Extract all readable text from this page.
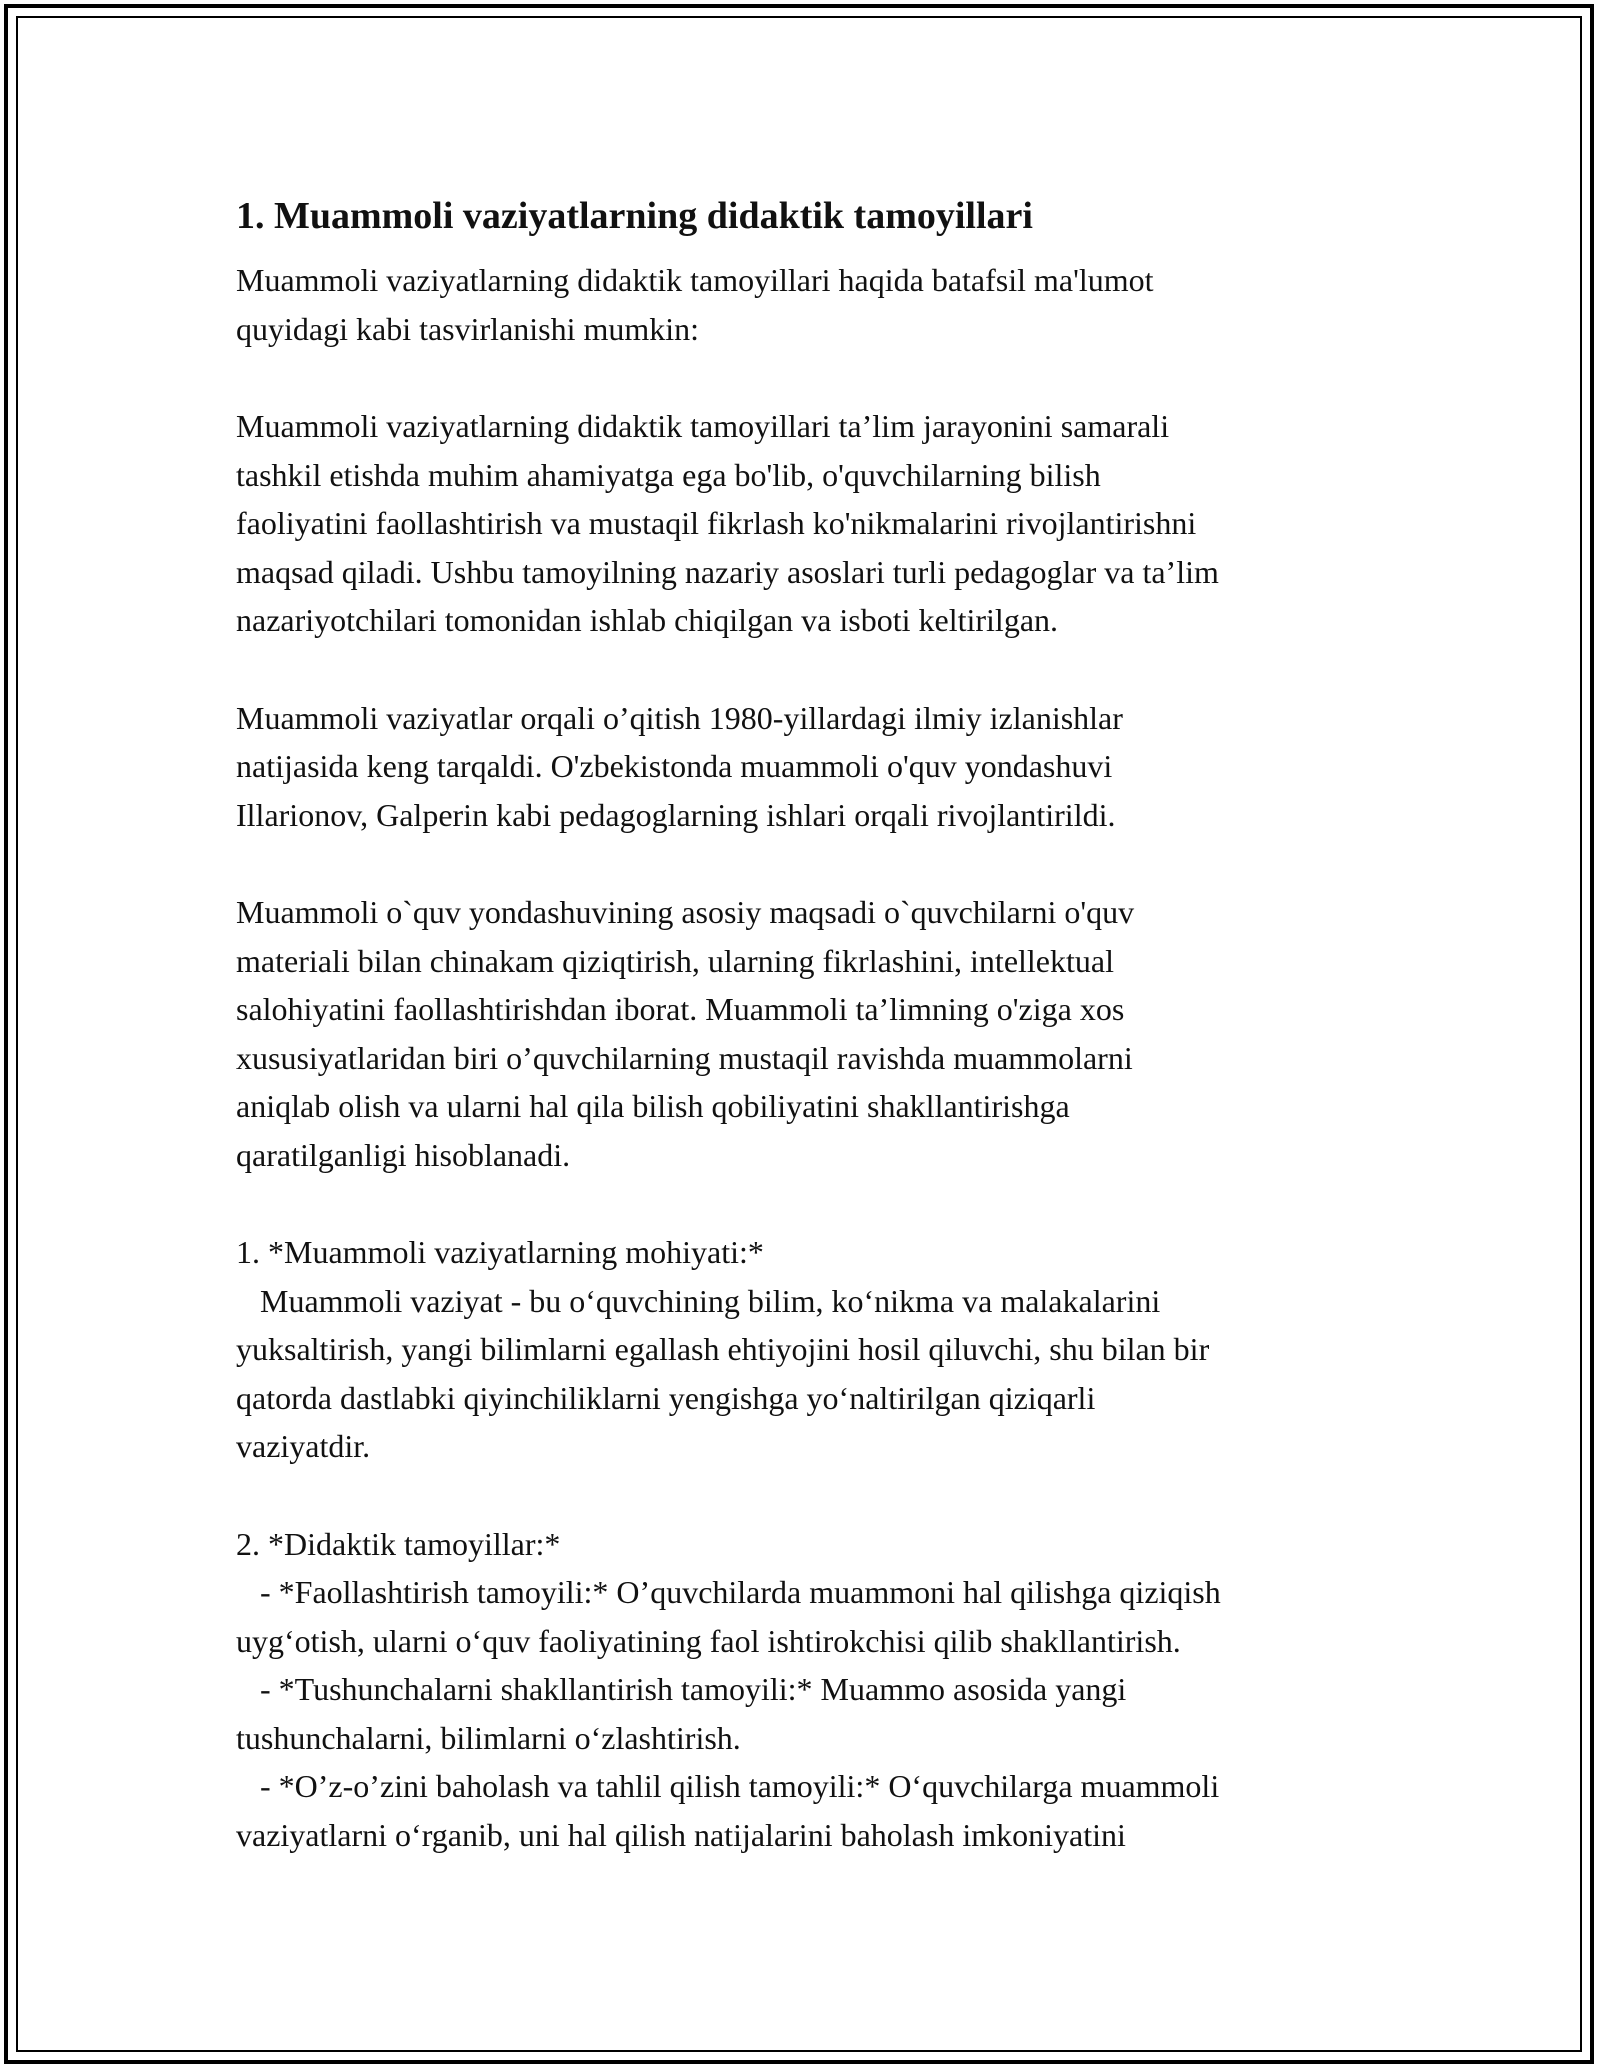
1. Muammoli vaziyatlarning didaktik tamoyillari
Muammoli vaziyatlarning didaktik tamoyillari haqida batafsil ma'lumot
quyidagi kabi tasvirlanishi mumkin:
Muammoli vaziyatlarning didaktik tamoyillari ta’lim jarayonini samarali
tashkil etishda muhim ahamiyatga ega bo'lib, o'quvchilarning bilish
faoliyatini faollashtirish va mustaqil fikrlash ko'nikmalarini rivojlantirishni
maqsad qiladi. Ushbu tamoyilning nazariy asoslari turli pedagoglar va ta’lim
nazariyotchilari tomonidan ishlab chiqilgan va isboti keltirilgan.
Muammoli vaziyatlar orqali o’qitish 1980-yillardagi ilmiy izlanishlar
natijasida keng tarqaldi. O'zbekistonda muammoli o'quv yondashuvi
Illarionov, Galperin kabi pedagoglarning ishlari orqali rivojlantirildi.
Muammoli o`quv yondashuvining asosiy maqsadi o`quvchilarni o'quv
materiali bilan chinakam qiziqtirish, ularning fikrlashini, intellektual
salohiyatini faollashtirishdan iborat. Muammoli ta’limning o'ziga xos
xususiyatlaridan biri o’quvchilarning mustaqil ravishda muammolarni
aniqlab olish va ularni hal qila bilish qobiliyatini shakllantirishga
qaratilganligi hisoblanadi.
1. *Muammoli vaziyatlarning mohiyati:*
Muammoli vaziyat - bu o‘quvchining bilim, ko‘nikma va malakalarini
yuksaltirish, yangi bilimlarni egallash ehtiyojini hosil qiluvchi, shu bilan bir
qatorda dastlabki qiyinchiliklarni yengishga yo‘naltirilgan qiziqarli
vaziyatdir.
2. *Didaktik tamoyillar:*
- *Faollashtirish tamoyili:* O’quvchilarda muammoni hal qilishga qiziqish
uyg‘otish, ularni o‘quv faoliyatining faol ishtirokchisi qilib shakllantirish.
- *Tushunchalarni shakllantirish tamoyili:* Muammo asosida yangi
tushunchalarni, bilimlarni o‘zlashtirish.
- *O’z-o’zini baholash va tahlil qilish tamoyili:* O‘quvchilarga muammoli
vaziyatlarni o‘rganib, uni hal qilish natijalarini baholash imkoniyatini
